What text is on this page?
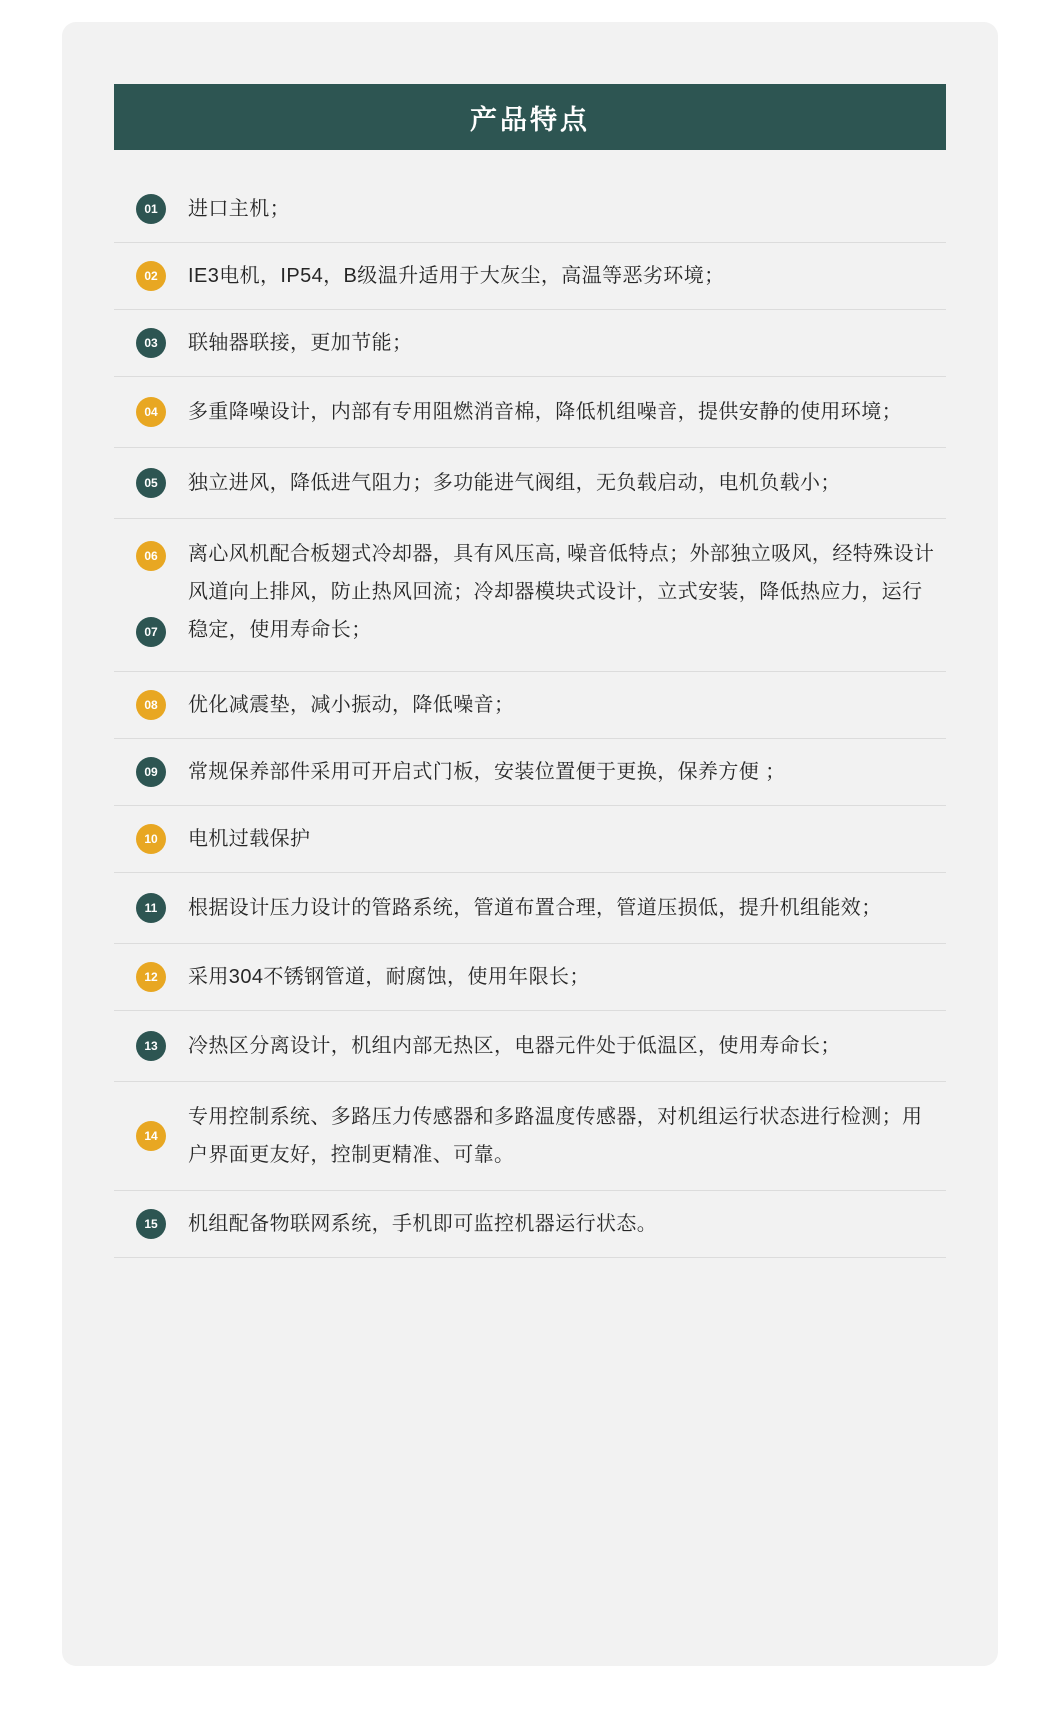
产品特点
01	进口主机；
02	IE3电机，IP54，B级温升适用于大灰尘，高温等恶劣环境；
03	联轴器联接，更加节能；
04	多重降噪设计，内部有专用阻燃消音棉，降低机组噪音，提供安静的使用环境；
05	独立进风，降低进气阻力；多功能进气阀组，无负载启动，电机负载小；
06
07
离心风机配合板翅式冷却器，具有风压高, 噪音低特点；外部独立吸风，经特殊设计风道向上排风，防止热风回流；冷却器模块式设计，立式安装，降低热应力，运行稳定，使用寿命长；
08	优化减震垫，减小振动，降低噪音；
09	常规保养部件采用可开启式门板，安装位置便于更换，保养方便 ；
10	电机过载保护
11	根据设计压力设计的管路系统，管道布置合理，管道压损低，提升机组能效；
12	采用304不锈钢管道，耐腐蚀，使用年限长；
13	冷热区分离设计，机组内部无热区，电器元件处于低温区，使用寿命长；
14
专用控制系统、多路压力传感器和多路温度传感器，对机组运行状态进行检测；用户界面更友好，控制更精准、可靠。
15	机组配备物联网系统，手机即可监控机器运行状态。
